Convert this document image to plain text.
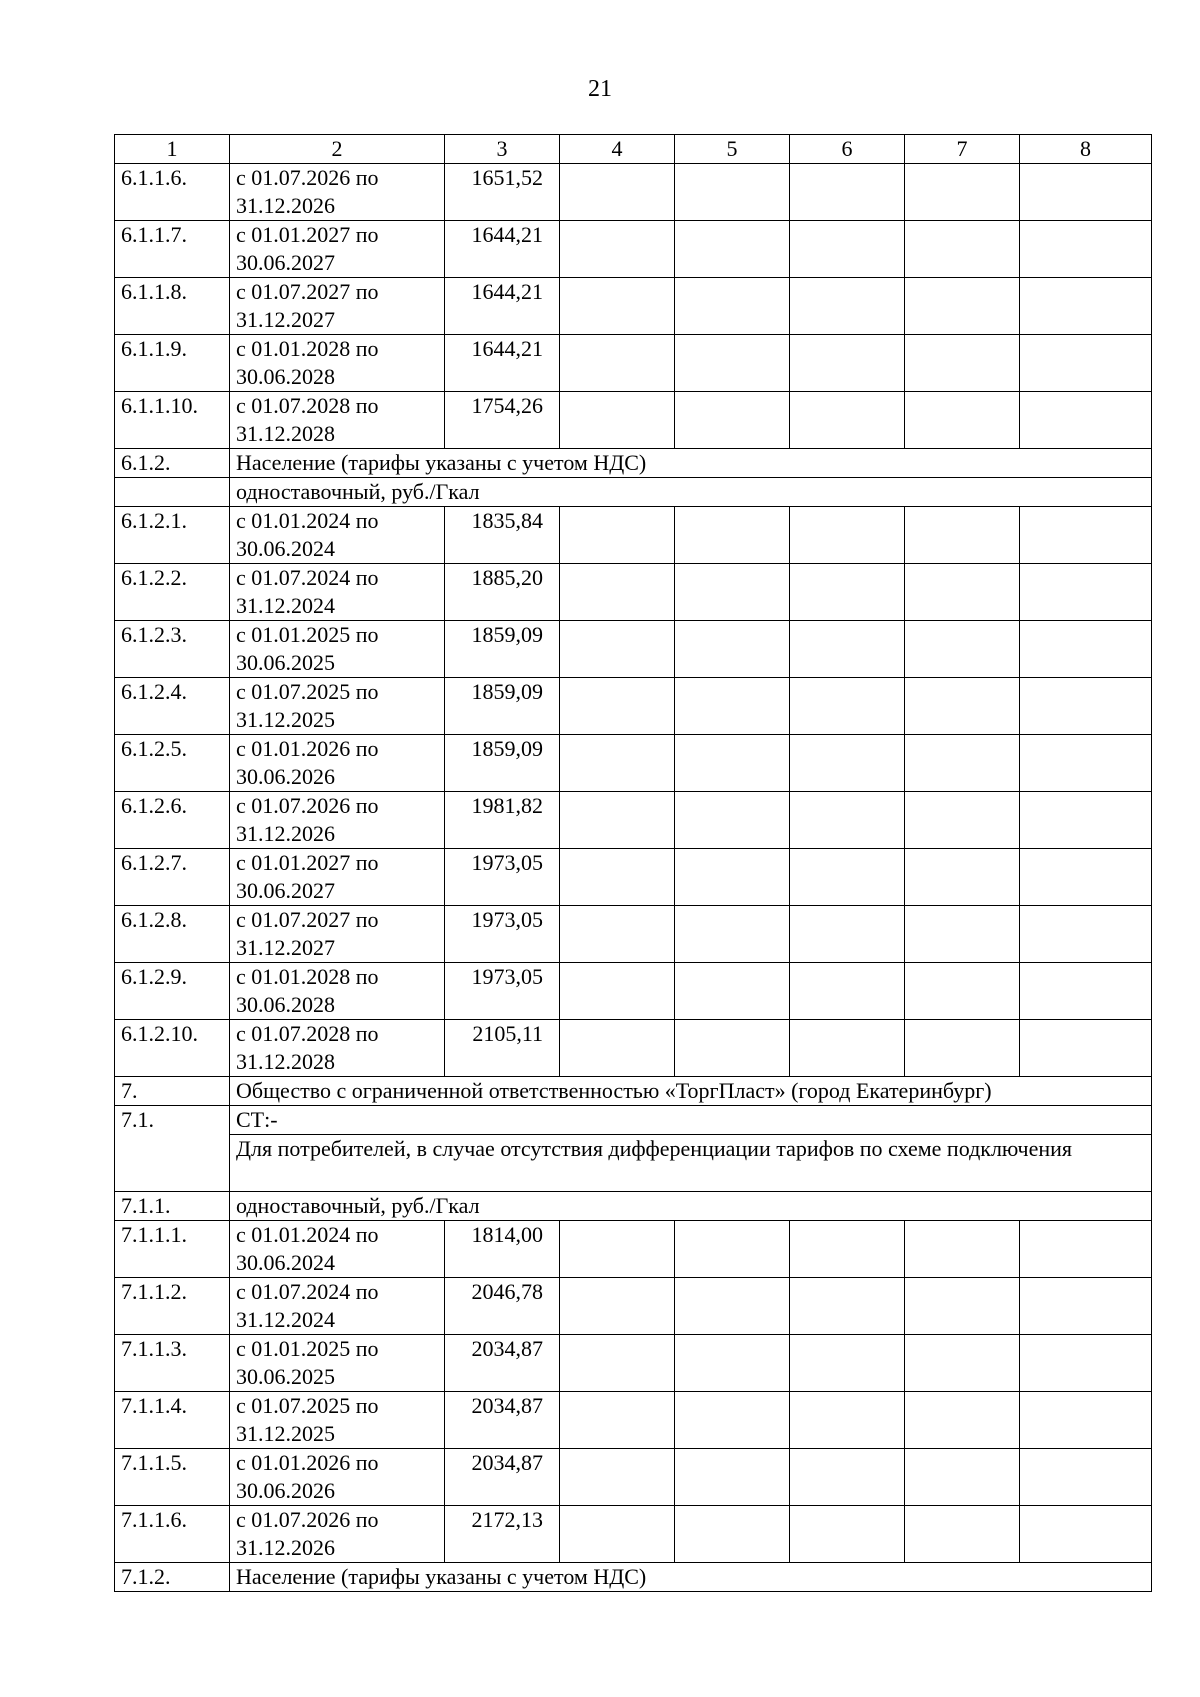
21
1	2	3	4	5	6	7	8
6.1.1.6.	с 01.07.2026 по 31.12.2026	1651,52					
6.1.1.7.	с 01.01.2027 по 30.06.2027	1644,21					
6.1.1.8.	с 01.07.2027 по 31.12.2027	1644,21					
6.1.1.9.	с 01.01.2028 по 30.06.2028	1644,21					
6.1.1.10.	с 01.07.2028 по 31.12.2028	1754,26					
6.1.2.	Население (тарифы указаны с учетом НДС)						
	одноставочный, руб./Гкал						
6.1.2.1.	с 01.01.2024 по 30.06.2024	1835,84					
6.1.2.2.	с 01.07.2024 по 31.12.2024	1885,20					
6.1.2.3.	с 01.01.2025 по 30.06.2025	1859,09					
6.1.2.4.	с 01.07.2025 по 31.12.2025	1859,09					
6.1.2.5.	с 01.01.2026 по 30.06.2026	1859,09					
6.1.2.6.	с 01.07.2026 по 31.12.2026	1981,82					
6.1.2.7.	с 01.01.2027 по 30.06.2027	1973,05					
6.1.2.8.	с 01.07.2027 по 31.12.2027	1973,05					
6.1.2.9.	с 01.01.2028 по 30.06.2028	1973,05					
6.1.2.10.	с 01.07.2028 по 31.12.2028	2105,11					
7.	Общество с ограниченной ответственностью «ТоргПласт» (город Екатеринбург)						
7.1.	СТ:-						
	Для потребителей, в случае отсутствия дифференциации тарифов по схеме подключения						
7.1.1.	одноставочный, руб./Гкал						
7.1.1.1.	с 01.01.2024 по 30.06.2024	1814,00					
7.1.1.2.	с 01.07.2024 по 31.12.2024	2046,78					
7.1.1.3.	с 01.01.2025 по 30.06.2025	2034,87					
7.1.1.4.	с 01.07.2025 по 31.12.2025	2034,87					
7.1.1.5.	с 01.01.2026 по 30.06.2026	2034,87					
7.1.1.6.	с 01.07.2026 по 31.12.2026	2172,13					
7.1.2.	Население (тарифы указаны с учетом НДС)						
